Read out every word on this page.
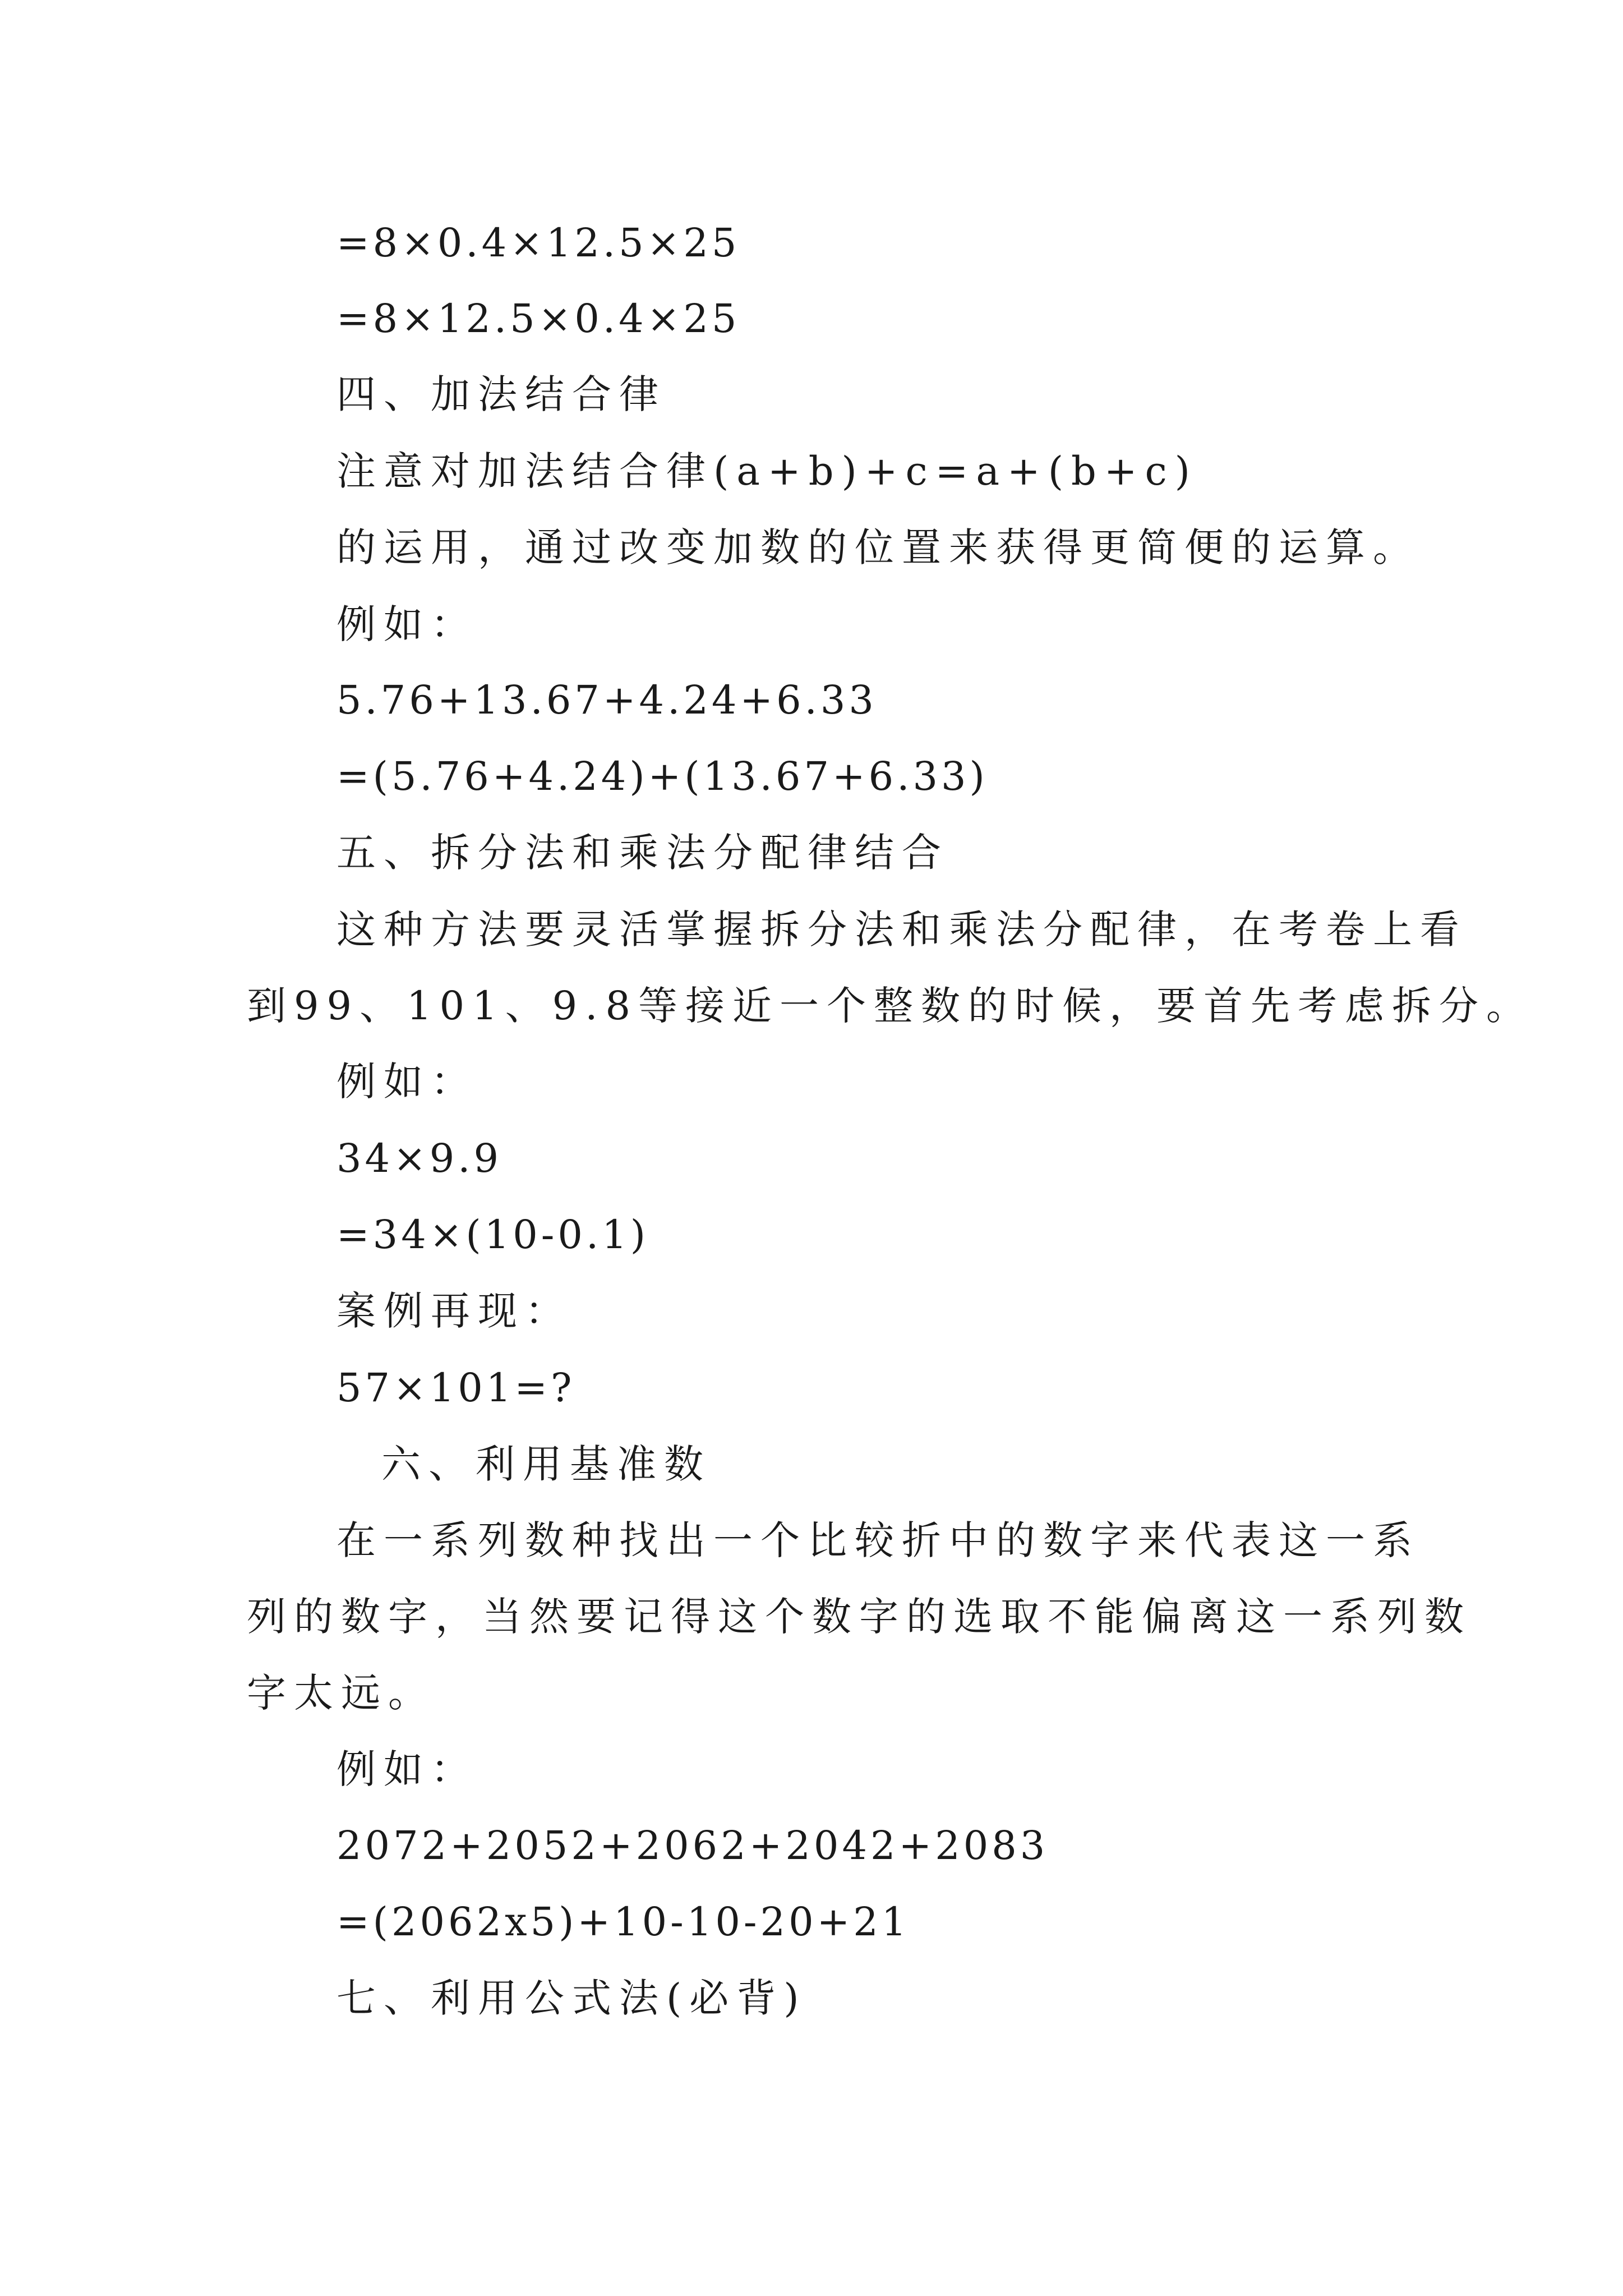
=8×0.4×12.5×25
=8×12.5×0.4×25
四、加法结合律
注意对加法结合律(a+b)+c=a+(b+c)
的运用，通过改变加数的位置来获得更简便的运算。
例如：
5.76+13.67+4.24+6.33
=(5.76+4.24)+(13.67+6.33)
五、拆分法和乘法分配律结合
这种方法要灵活掌握拆分法和乘法分配律，在考卷上看
到99、101、9.8等接近一个整数的时候，要首先考虑拆分。
例如：
34×9.9
=34×(10-0.1)
案例再现：
57×101=?
六、利用基准数
在一系列数种找出一个比较折中的数字来代表这一系
列的数字，当然要记得这个数字的选取不能偏离这一系列数
字太远。
例如：
2072+2052+2062+2042+2083
=(2062x5)+10-10-20+21
七、利用公式法(必背)
